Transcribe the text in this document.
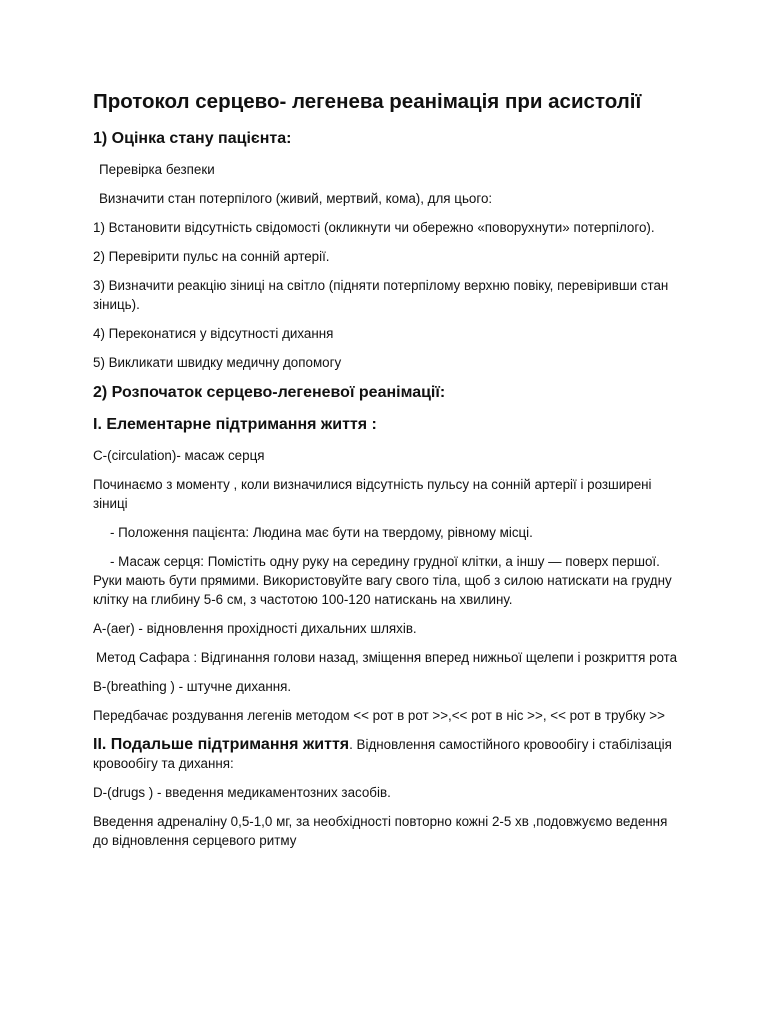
Протокол серцево- легенева реанімація при асистолії
1) Оцінка стану пацієнта:
Перевірка безпеки
Визначити стан потерпілого (живий, мертвий, кома), для цього:
1) Встановити відсутність свідомості (окликнути чи обережно «поворухнути» потерпілого).
2) Перевірити пульс на сонній артерії.
3) Визначити реакцію зіниці на світло (підняти потерпілому верхню повіку, перевіривши стан зіниць).
4) Переконатися у відсутності дихання
5) Викликати швидку медичну допомогу
2) Розпочаток серцево-легеневої реанімації:
I. Елементарне підтримання життя :
C-(circulation)- масаж серця
Починаємо з моменту , коли визначилися відсутність пульсу на сонній артерії і розширені зіниці
- Положення пацієнта: Людина має бути на твердому, рівному місці.
- Масаж серця: Помістіть одну руку на середину грудної клітки, а іншу — поверх першої. Руки мають бути прямими. Використовуйте вагу свого тіла, щоб з силою натискати на грудну клітку на глибину 5-6 см, з частотою 100-120 натискань на хвилину.
A-(aer) - відновлення прохідності дихальних шляхів.
Метод Сафара : Відгинання голови назад, зміщення вперед нижньої щелепи і розкриття рота
B-(breathing ) - штучне дихання.
Передбачає роздування легенів методом << рот в рот >>,<< рот в ніс >>, << рот в трубку >>
II. Подальше підтримання життя. Відновлення самостійного кровообігу і стабілізація кровообігу та дихання:
D-(drugs ) - введення медикаментозних засобів.
Введення адреналіну 0,5-1,0 мг, за необхідності повторно кожні 2-5 хв ,подовжуємо ведення до відновлення серцевого ритму
